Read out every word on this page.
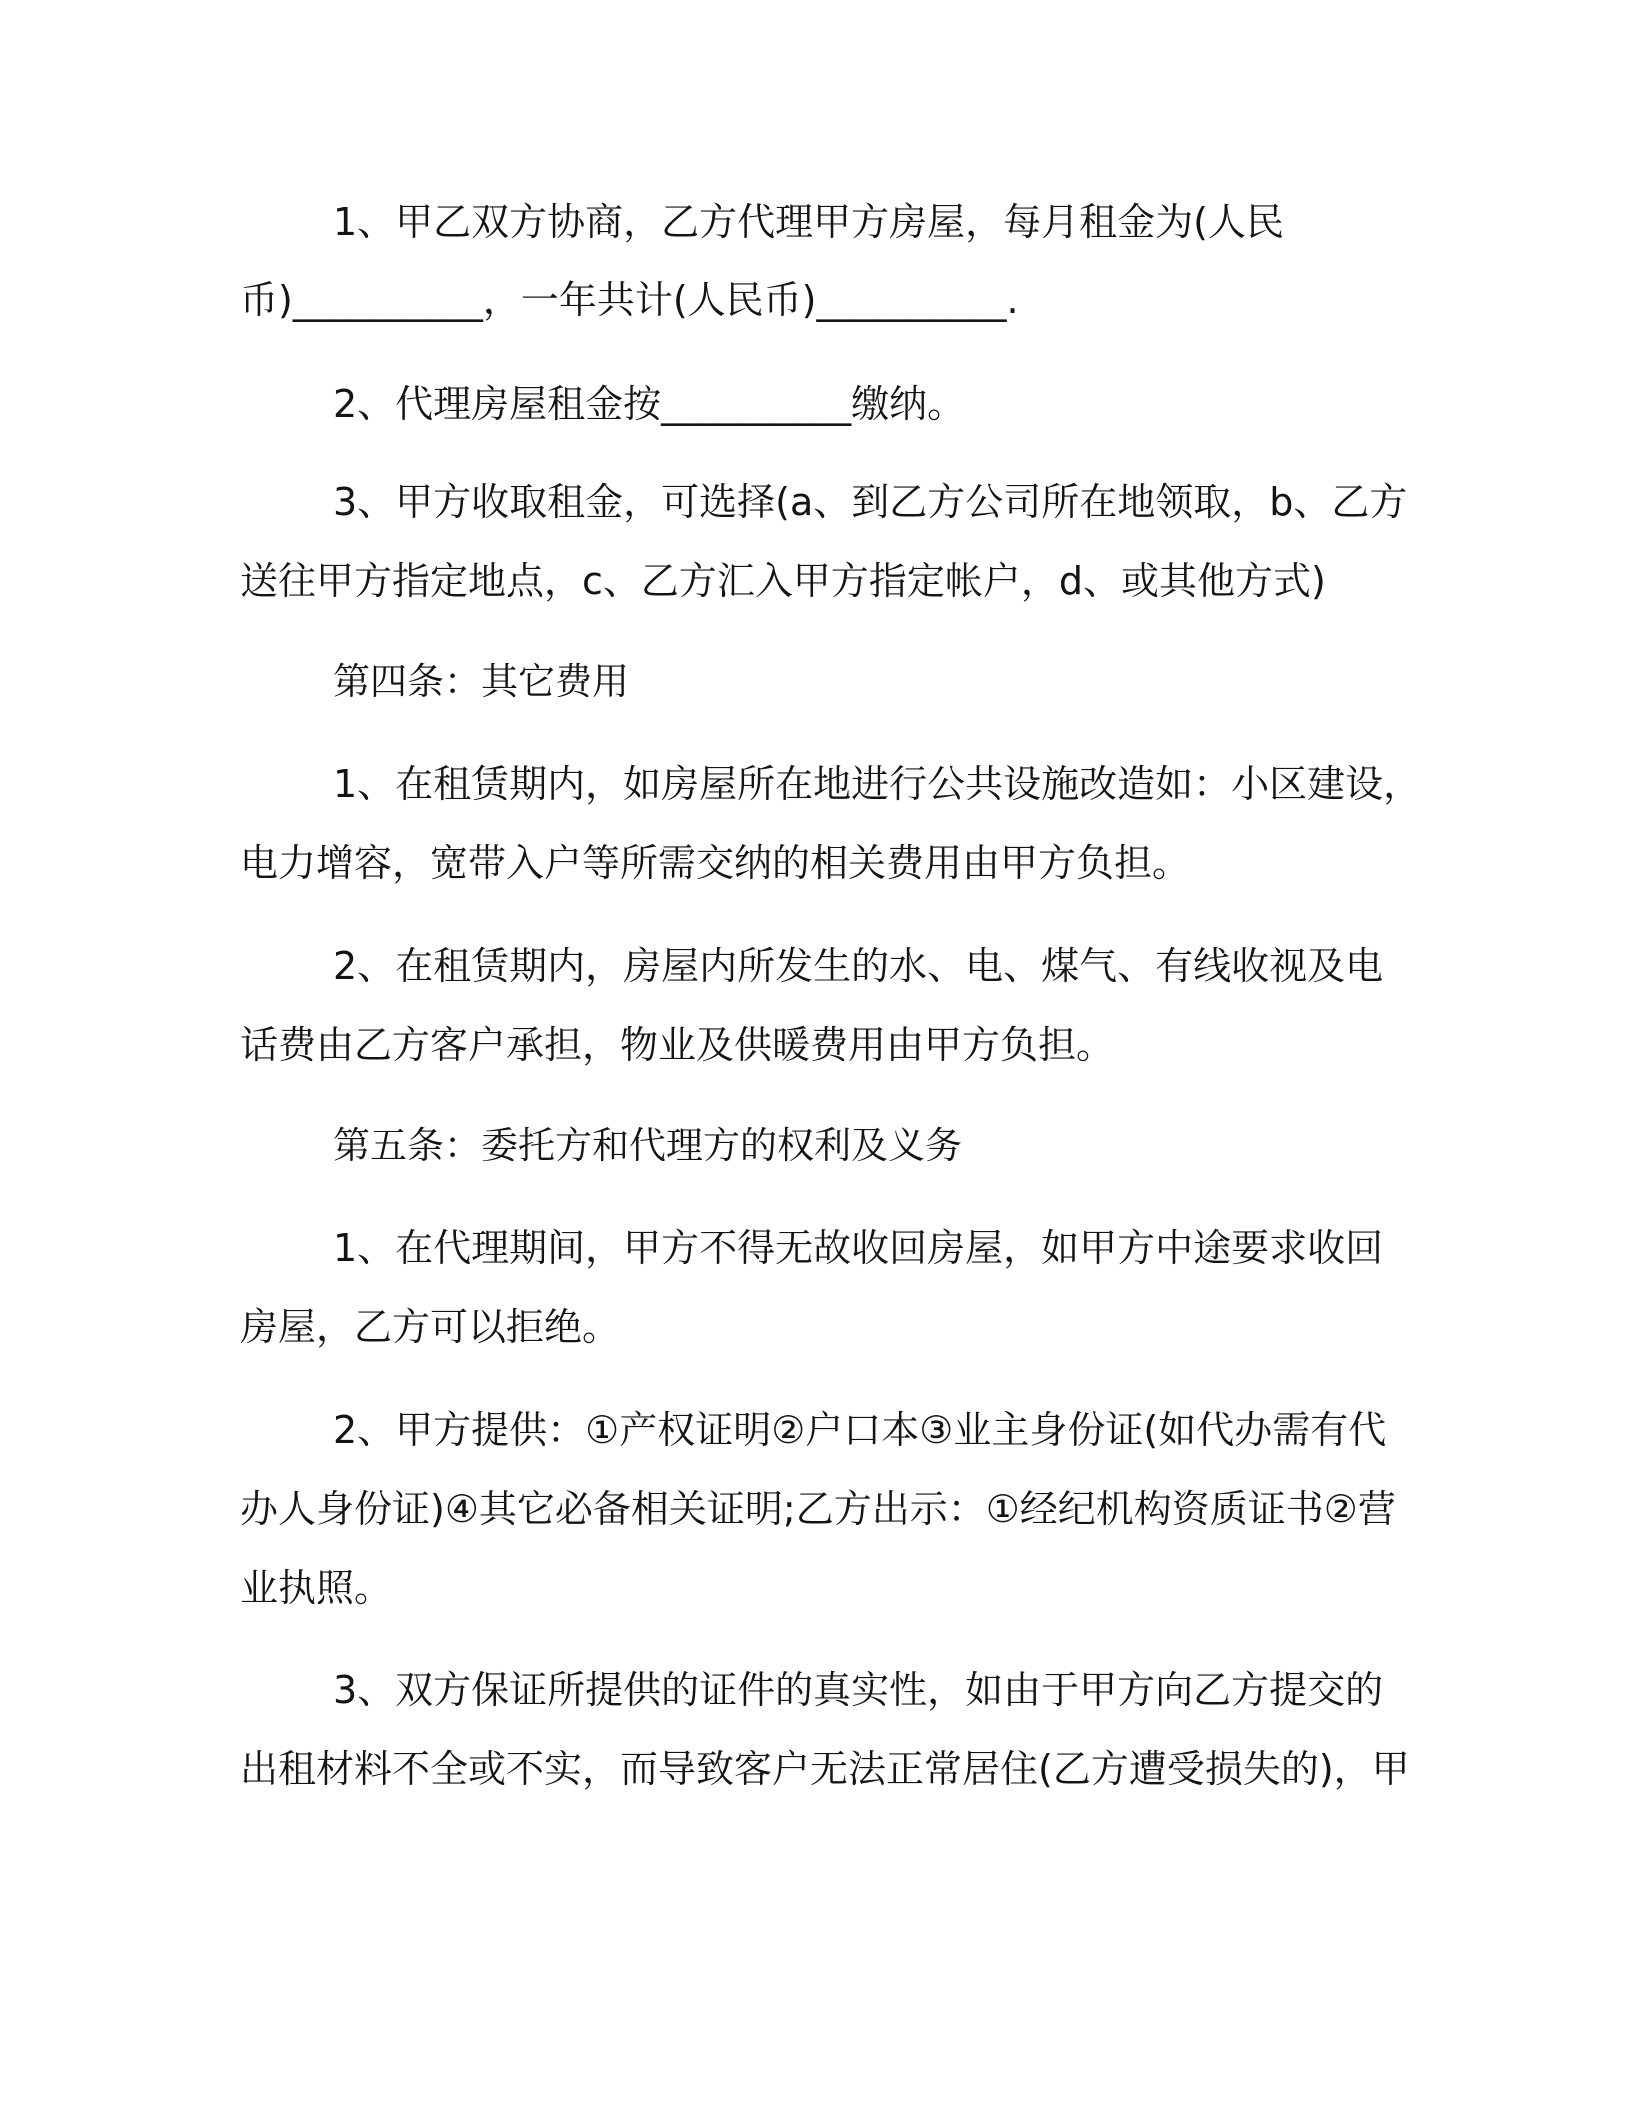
1、甲乙双方协商，乙方代理甲方房屋，每月租金为(人民
币)__________，一年共计(人民币)__________.
2、代理房屋租金按__________缴纳。
3、甲方收取租金，可选择(a、到乙方公司所在地领取，b、乙方
送往甲方指定地点，c、乙方汇入甲方指定帐户，d、或其他方式)
第四条：其它费用
1、在租赁期内，如房屋所在地进行公共设施改造如：小区建设，
电力增容，宽带入户等所需交纳的相关费用由甲方负担。
2、在租赁期内，房屋内所发生的水、电、煤气、有线收视及电
话费由乙方客户承担，物业及供暖费用由甲方负担。
第五条：委托方和代理方的权利及义务
1、在代理期间，甲方不得无故收回房屋，如甲方中途要求收回
房屋，乙方可以拒绝。
2、甲方提供：①产权证明②户口本③业主身份证(如代办需有代
办人身份证)④其它必备相关证明;乙方出示：①经纪机构资质证书②营
业执照。
3、双方保证所提供的证件的真实性，如由于甲方向乙方提交的
出租材料不全或不实，而导致客户无法正常居住(乙方遭受损失的)，甲
